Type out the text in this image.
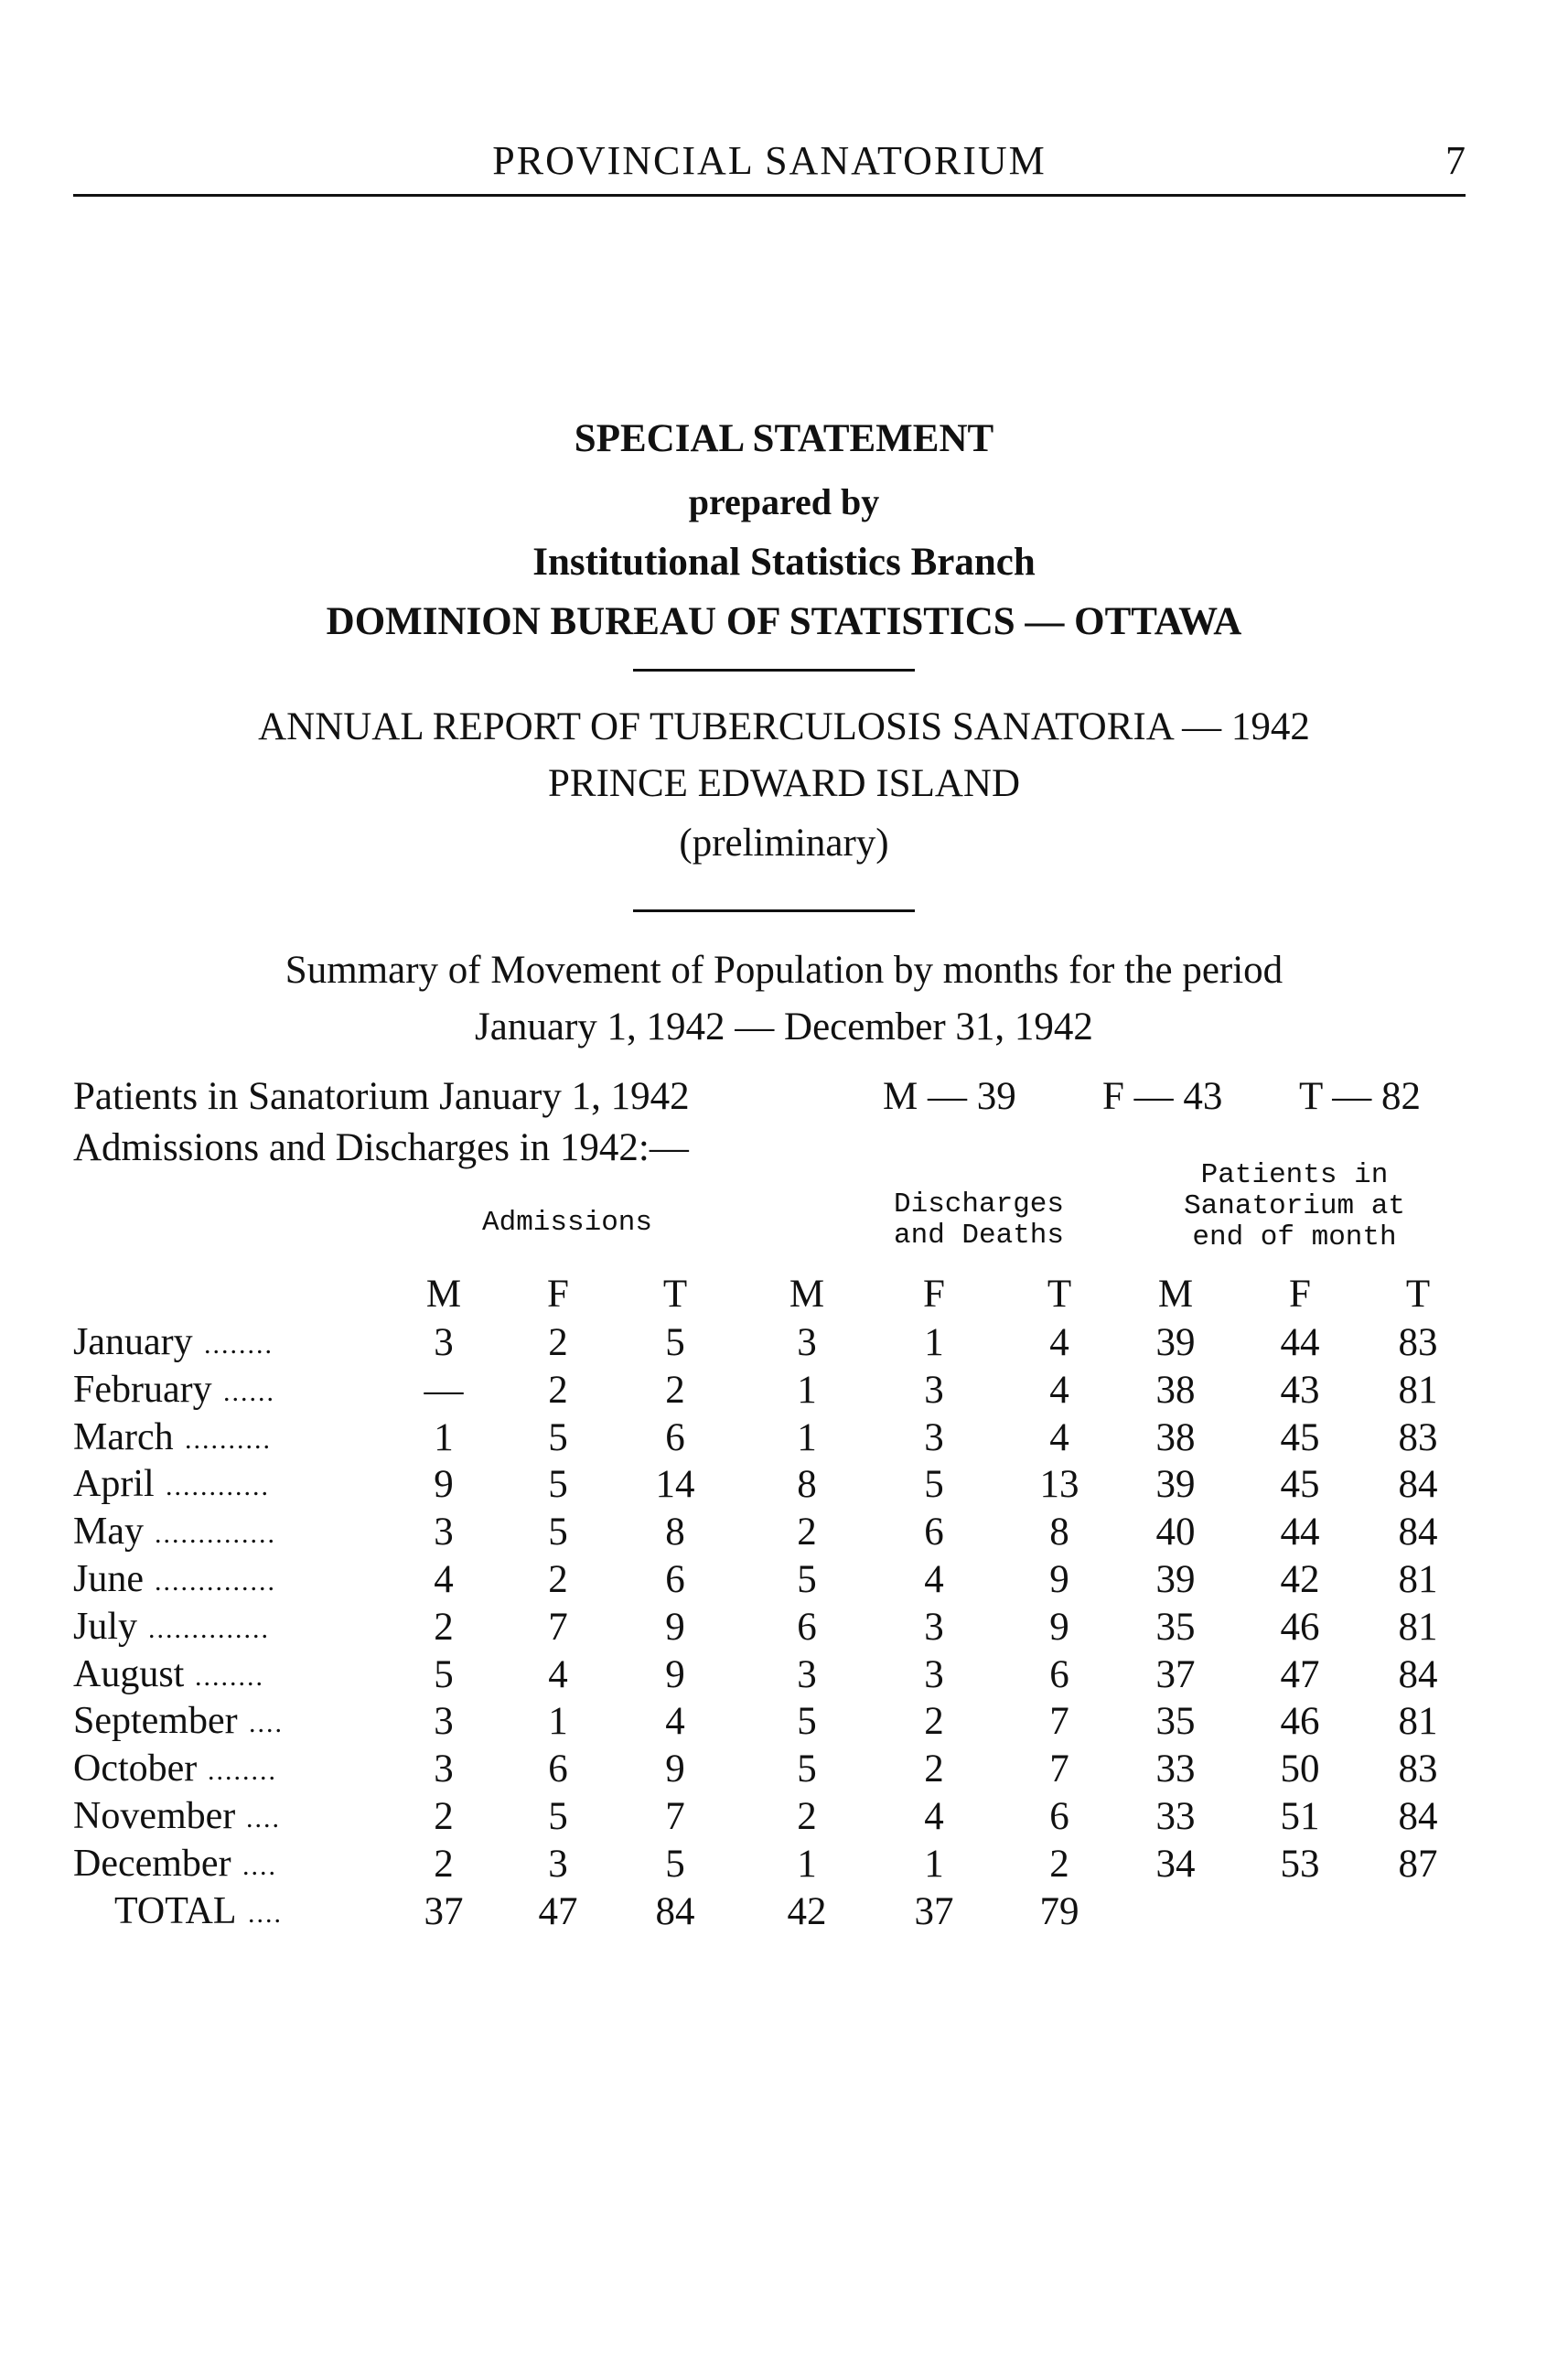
PROVINCIAL SANATORIUM	7
SPECIAL STATEMENT
prepared by
Institutional Statistics Branch
DOMINION BUREAU OF STATISTICS — OTTAWA
ANNUAL REPORT OF TUBERCULOSIS SANATORIA — 1942
PRINCE EDWARD ISLAND
(preliminary)
Summary of Movement of Population by months for the period
January 1, 1942 — December 31, 1942
Patients in Sanatorium January 1, 1942	M — 39 F — 43 T — 82
Admissions and Discharges in 1942:—
Admissions
Discharges
and Deaths
Patients in
Sanatorium at
end of month
M	F	T	M	F	T	M	F	T
January ........	3	2	5	3	1	4	39	44	83
February ......	—	2	2	1	3	4	38	43	81
March ..........	1	5	6	1	3	4	38	45	83
April ............	9	5	14	8	5	13	39	45	84
May ..............	3	5	8	2	6	8	40	44	84
June ..............	4	2	6	5	4	9	39	42	81
July ..............	2	7	9	6	3	9	35	46	81
August ........	5	4	9	3	3	6	37	47	84
September ....	3	1	4	5	2	7	35	46	81
October ........	3	6	9	5	2	7	33	50	83
November ....	2	5	7	2	4	6	33	51	84
December ....	2	3	5	1	1	2	34	53	87
TOTAL ....	37	47	84	42	37	79
